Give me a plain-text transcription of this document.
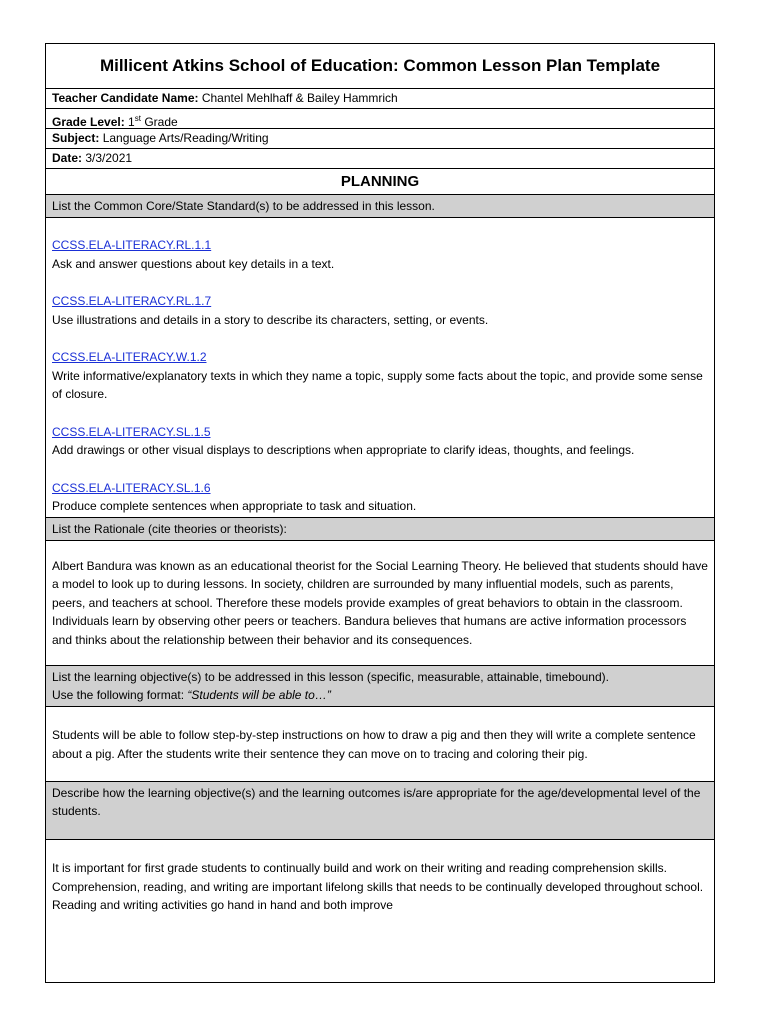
Millicent Atkins School of Education: Common Lesson Plan Template
Teacher Candidate Name: Chantel Mehlhaff & Bailey Hammrich
Grade Level: 1st Grade
Subject: Language Arts/Reading/Writing
Date: 3/3/2021
PLANNING
List the Common Core/State Standard(s) to be addressed in this lesson.

CCSS.ELA-LITERACY.RL.1.1

Ask and answer questions about key details in a text.

CCSS.ELA-LITERACY.RL.1.7

Use illustrations and details in a story to describe its characters, setting, or events.

CCSS.ELA-LITERACY.W.1.2

Write informative/explanatory texts in which they name a topic, supply some facts about the topic, and provide some sense of closure.

CCSS.ELA-LITERACY.SL.1.5

Add drawings or other visual displays to descriptions when appropriate to clarify ideas, thoughts, and feelings.

CCSS.ELA-LITERACY.SL.1.6

Produce complete sentences when appropriate to task and situation.

List the Rationale (cite theories or theorists):

Albert Bandura was known as an educational theorist for the Social Learning Theory. He believed that students should have a model to look up to during lessons. In society, children are surrounded by many influential models, such as parents, peers, and teachers at school. Therefore these models provide examples of great behaviors to obtain in the classroom. Individuals learn by observing other peers or teachers. Bandura believes that humans are active information processors and thinks about the relationship between their behavior and its consequences.

List the learning objective(s) to be addressed in this lesson (specific, measurable, attainable, timebound).

Use the following format: “Students will be able to…”

Students will be able to follow step-by-step instructions on how to draw a pig and then they will write a complete sentence about a pig. After the students write their sentence they can move on to tracing and coloring their pig.

Describe how the learning objective(s) and the learning outcomes is/are appropriate for the age/developmental level of the students.

It is important for first grade students to continually build and work on their writing and reading comprehension skills. Comprehension, reading, and writing are important lifelong skills that needs to be continually developed throughout school. Reading and writing activities go hand in hand and both improve
